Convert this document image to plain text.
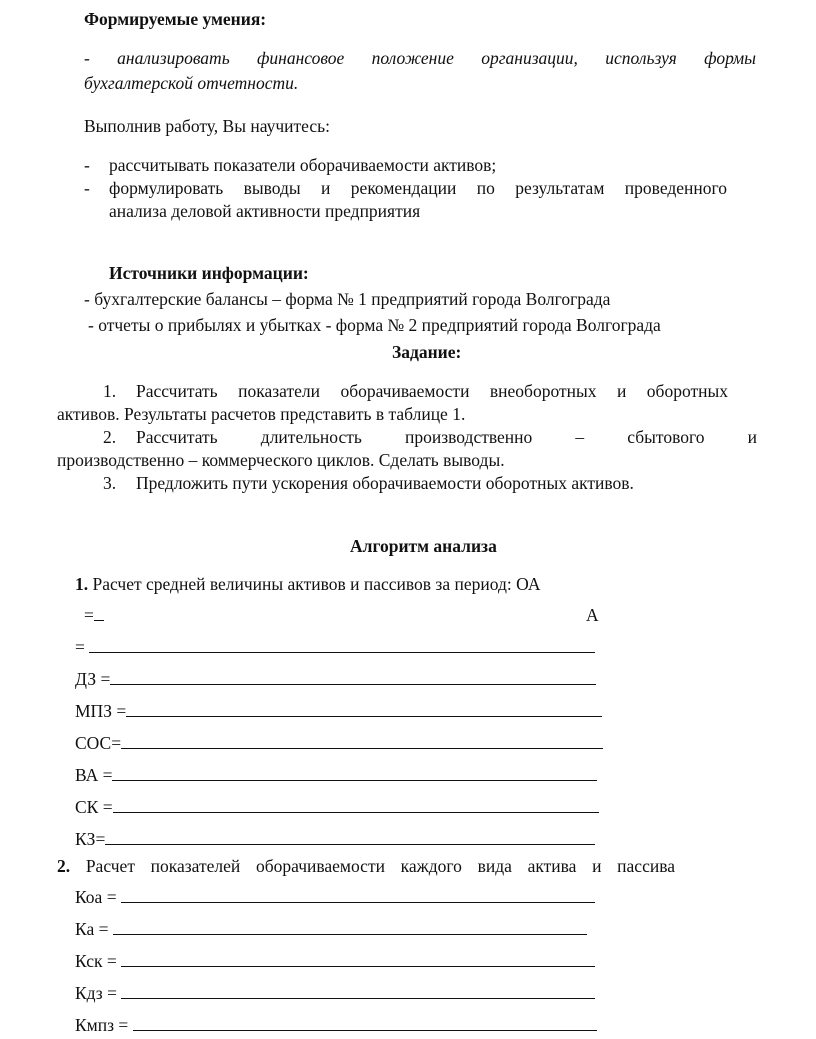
Формируемые умения:
- анализировать финансовое положение организации, используя формы
бухгалтерской отчетности.
Выполнив работу, Вы научитесь:
- рассчитывать показатели оборачиваемости активов;
- формулировать выводы и рекомендации по результатам проведенного
анализа деловой активности предприятия
Источники информации:
- бухгалтерские балансы – форма № 1 предприятий города Волгограда
- отчеты о прибылях и убытках - форма № 2 предприятий города Волгограда
Задание:
1. Рассчитать показатели оборачиваемости внеоборотных и оборотных
активов. Результаты расчетов представить в таблице 1.
2. Рассчитать длительность производственно – сбытового и
производственно – коммерческого циклов. Сделать выводы.
3. Предложить пути ускорения оборачиваемости оборотных активов.
Алгоритм анализа
1. Расчет средней величины активов и пассивов за период: ОА
=	А
=
ДЗ =
МПЗ =
СОС=
ВА =
СК =
КЗ=
2. Расчет показателей оборачиваемости каждого вида актива и пассива
Коа =
Ка =
Кск =
Кдз =
Кмпз =
